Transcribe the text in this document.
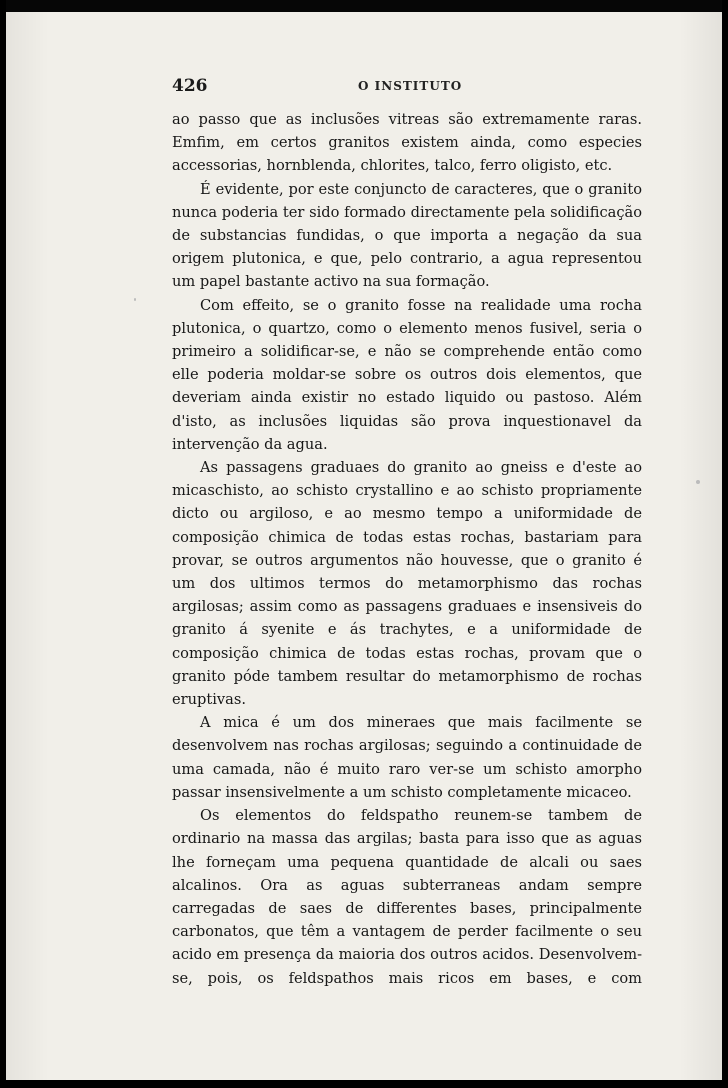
426	O INSTITUTO

ao passo que as inclusões vitreas são extremamente raras. Emfim, em certos granitos existem ainda, como especies accessorias, hornblenda, chlorites, talco, ferro oligisto, etc.

É evidente, por este conjuncto de caracteres, que o granito nunca poderia ter sido formado directamente pela solidificação de substancias fundidas, o que importa a negação da sua origem plutonica, e que, pelo contrario, a agua representou um papel bastante activo na sua formação.

Com effeito, se o granito fosse na realidade uma rocha plutonica, o quartzo, como o elemento menos fusivel, seria o primeiro a solidificar-se, e não se comprehende então como elle poderia moldar-se sobre os outros dois elementos, que deveriam ainda existir no estado liquido ou pastoso. Além d'isto, as inclusões liquidas são prova inquestionavel da intervenção da agua.

As passagens graduaes do granito ao gneiss e d'este ao micaschisto, ao schisto crystallino e ao schisto propriamente dicto ou argiloso, e ao mesmo tempo a uniformidade de composição chimica de todas estas rochas, bastariam para provar, se outros argumentos não houvesse, que o granito é um dos ultimos termos do metamorphismo das rochas argilosas; assim como as passagens graduaes e insensiveis do granito á syenite e ás trachytes, e a uniformidade de composição chimica de todas estas rochas, provam que o granito póde tambem resultar do metamorphismo de rochas eruptivas.

A mica é um dos mineraes que mais facilmente se desenvolvem nas rochas argilosas; seguindo a continuidade de uma camada, não é muito raro ver-se um schisto amorpho passar insensivelmente a um schisto completamente micaceo.

Os elementos do feldspatho reunem-se tambem de ordinario na massa das argilas; basta para isso que as aguas lhe forneçam uma pequena quantidade de alcali ou saes alcalinos. Ora as aguas subterraneas andam sempre carregadas de saes de differentes bases, principalmente carbonatos, que têm a vantagem de perder facilmente o seu acido em presença da maioria dos outros acidos. Desenvolvem-se, pois, os feldspathos mais ricos em bases, e com
